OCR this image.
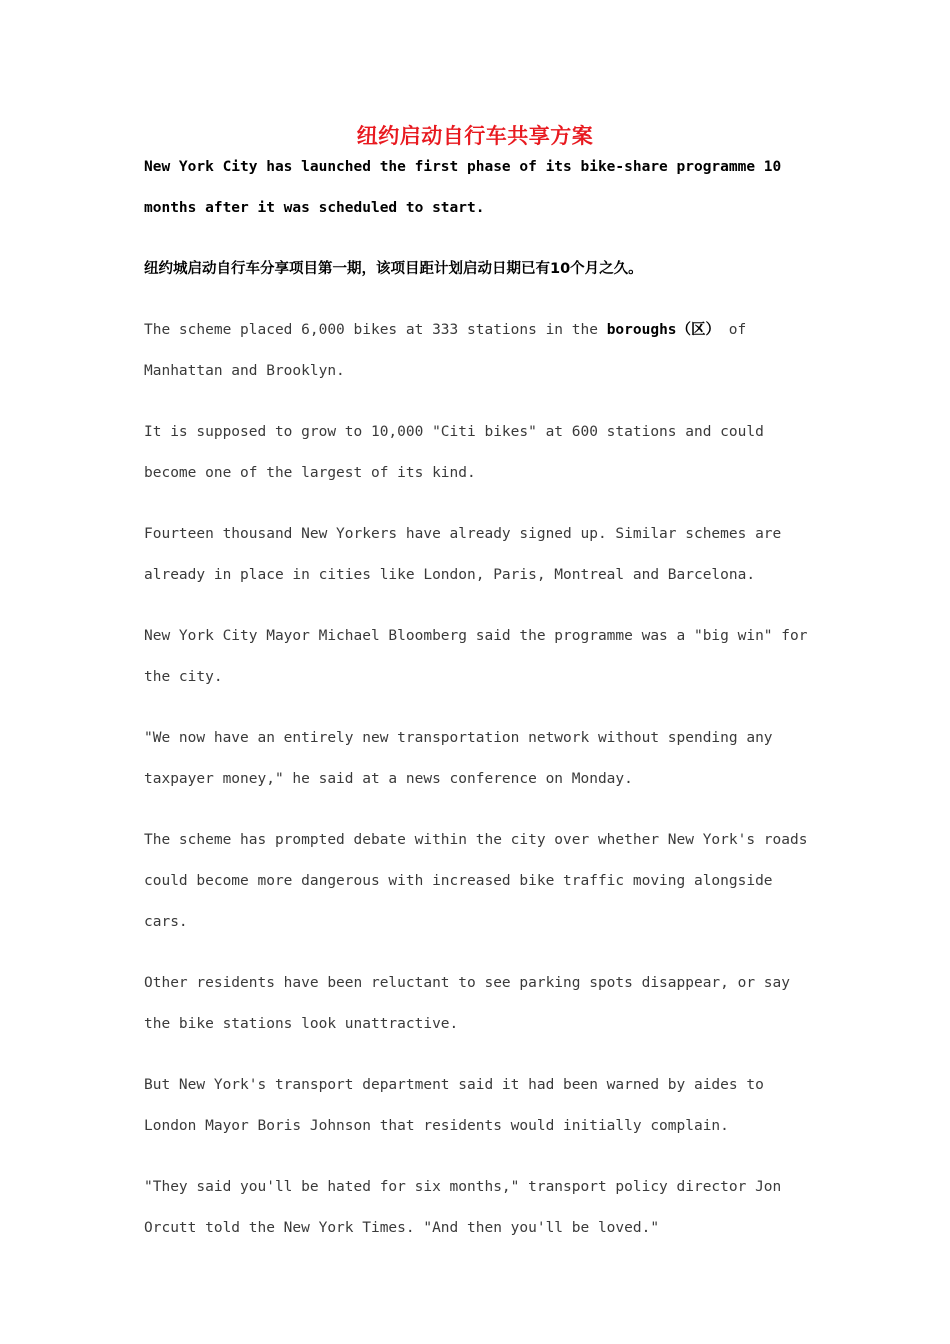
纽约启动自行车共享方案

New York City has launched the first phase of its bike-share programme 10 months after it was scheduled to start.

纽约城启动自行车分享项目第一期，该项目距计划启动日期已有10个月之久。

The scheme placed 6,000 bikes at 333 stations in the boroughs（区） of Manhattan and Brooklyn.

It is supposed to grow to 10,000 "Citi bikes" at 600 stations and could become one of the largest of its kind.

Fourteen thousand New Yorkers have already signed up. Similar schemes are already in place in cities like London, Paris, Montreal and Barcelona.

New York City Mayor Michael Bloomberg said the programme was a "big win" for the city.

"We now have an entirely new transportation network without spending any taxpayer money," he said at a news conference on Monday.

The scheme has prompted debate within the city over whether New York's roads could become more dangerous with increased bike traffic moving alongside cars.

Other residents have been reluctant to see parking spots disappear, or say the bike stations look unattractive.

But New York's transport department said it had been warned by aides to London Mayor Boris Johnson that residents would initially complain.

"They said you'll be hated for six months," transport policy director Jon Orcutt told the New York Times. "And then you'll be loved."
